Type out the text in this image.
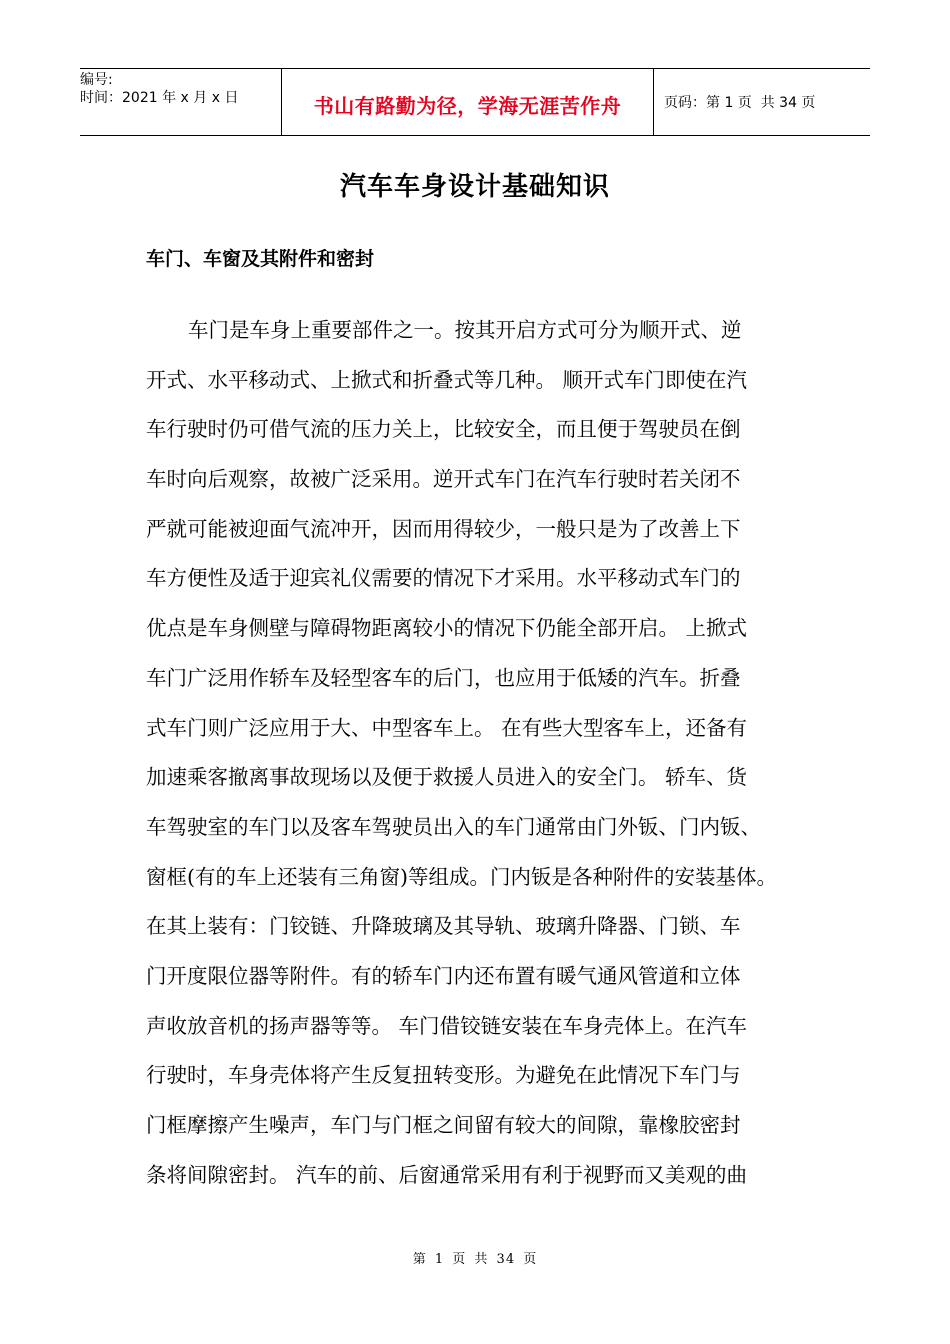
编号:
时间：2021 年 x 月 x 日	书山有路勤为径，学海无涯苦作舟	页码：第 1 页  共 34 页
汽车车身设计基础知识
车门、车窗及其附件和密封
车门是车身上重要部件之一。按其开启方式可分为顺开式、逆
开式、水平移动式、上掀式和折叠式等几种。 顺开式车门即使在汽
车行驶时仍可借气流的压力关上，比较安全，而且便于驾驶员在倒
车时向后观察，故被广泛采用。逆开式车门在汽车行驶时若关闭不
严就可能被迎面气流冲开，因而用得较少，一般只是为了改善上下
车方便性及适于迎宾礼仪需要的情况下才采用。水平移动式车门的
优点是车身侧壁与障碍物距离较小的情况下仍能全部开启。 上掀式
车门广泛用作轿车及轻型客车的后门，也应用于低矮的汽车。折叠
式车门则广泛应用于大、中型客车上。 在有些大型客车上，还备有
加速乘客撤离事故现场以及便于救援人员进入的安全门。 轿车、货
车驾驶室的车门以及客车驾驶员出入的车门通常由门外钣、门内钣、
窗框(有的车上还装有三角窗)等组成。门内钣是各种附件的安装基体。
在其上装有：门铰链、升降玻璃及其导轨、玻璃升降器、门锁、车
门开度限位器等附件。有的轿车门内还布置有暖气通风管道和立体
声收放音机的扬声器等等。 车门借铰链安装在车身壳体上。在汽车
行驶时，车身壳体将产生反复扭转变形。为避免在此情况下车门与
门框摩擦产生噪声，车门与门框之间留有较大的间隙，靠橡胶密封
条将间隙密封。 汽车的前、后窗通常采用有利于视野而又美观的曲
第 1 页 共 34 页
